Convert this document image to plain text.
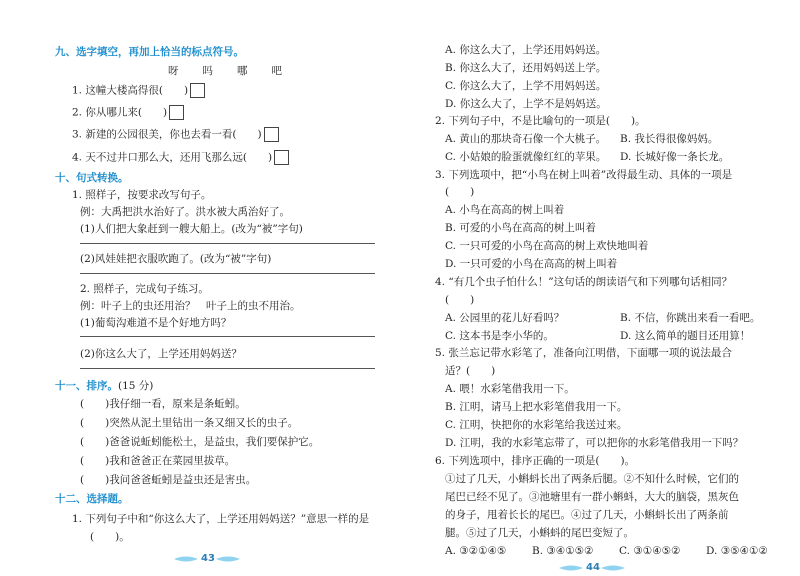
九、选字填空，再加上恰当的标点符号。
呀　　吗　　哪　　吧
1. 这幢大楼高得很(　　)
2. 你从哪儿来(　　)
3. 新建的公园很美，你也去看一看(　　)
4. 天不过井口那么大，还用飞那么远(　　)
十、句式转换。
1. 照样子，按要求改写句子。
例：大禹把洪水治好了。洪水被大禹治好了。
(1)人们把大象赶到一艘大船上。(改为“被”字句)
(2)风娃娃把衣服吹跑了。(改为“被”字句)
2. 照样子，完成句子练习。
例：叶子上的虫还用治？　叶子上的虫不用治。
(1)葡萄沟难道不是个好地方吗？
(2)你这么大了，上学还用妈妈送？
十一、排序。(15 分)
(　　)我仔细一看，原来是条蚯蚓。
(　　)突然从泥土里钻出一条又细又长的虫子。
(　　)爸爸说蚯蚓能松土，是益虫，我们要保护它。
(　　)我和爸爸正在菜园里拔草。
(　　)我问爸爸蚯蚓是益虫还是害虫。
十二、选择题。
1. 下列句子中和“你这么大了，上学还用妈妈送？”意思一样的是
(　　)。
43
A. 你这么大了，上学还用妈妈送。
B. 你这么大了，还用妈妈送上学。
C. 你这么大了，上学不用妈妈送。
D. 你这么大了，上学不是妈妈送。
2. 下列句子中，不是比喻句的一项是(　　)。
A. 黄山的那块奇石像一个大桃子。 B. 我长得很像妈妈。
C. 小姑娘的脸蛋就像红红的苹果。 D. 长城好像一条长龙。
3. 下列选项中，把“小鸟在树上叫着”改得最生动、具体的一项是
(　　)
A. 小鸟在高高的树上叫着
B. 可爱的小鸟在高高的树上叫着
C. 一只可爱的小鸟在高高的树上欢快地叫着
D. 一只可爱的小鸟在高高的树上叫着
4. “有几个虫子怕什么！”这句话的朗读语气和下列哪句话相同？
(　　)
A. 公园里的花儿好看吗？	B. 不信，你跳出来看一看吧。
C. 这本书是李小华的。	D. 这么简单的题目还用算！
5. 张兰忘记带水彩笔了，准备向江明借，下面哪一项的说法最合
适？(　　)
A. 喂！水彩笔借我用一下。
B. 江明，请马上把水彩笔借我用一下。
C. 江明，快把你的水彩笔给我送过来。
D. 江明，我的水彩笔忘带了，可以把你的水彩笔借我用一下吗？
6. 下列选项中，排序正确的一项是(　　)。
①过了几天，小蝌蚪长出了两条后腿。②不知什么时候，它们的
尾巴已经不见了。③池塘里有一群小蝌蚪，大大的脑袋，黑灰色
的身子，甩着长长的尾巴。④过了几天，小蝌蚪长出了两条前
腿。⑤过了几天，小蝌蚪的尾巴变短了。
A. ③②①④⑤ B. ③④①⑤② C. ③①④⑤② D. ③⑤④①②
44
